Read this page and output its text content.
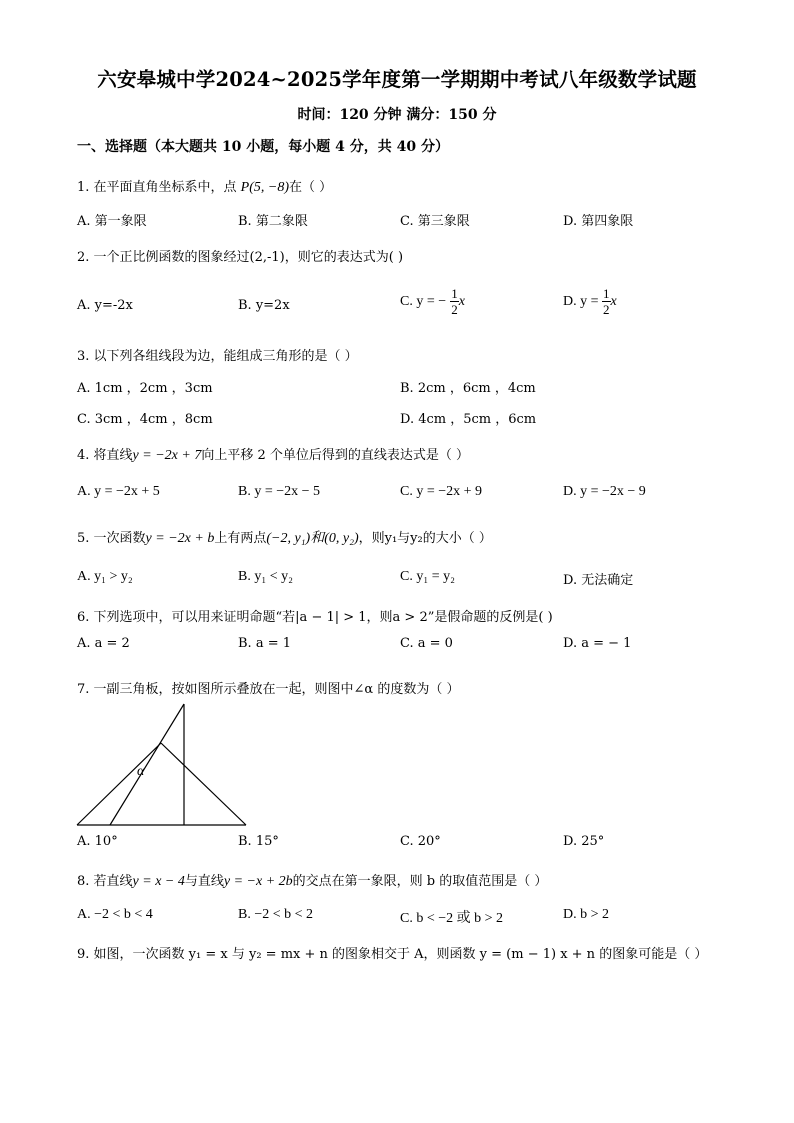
六安皋城中学2024~2025学年度第一学期期中考试八年级数学试题
时间：120 分钟 满分：150 分
一、选择题（本大题共 10 小题，每小题 4 分，共 40 分）
1. 在平面直角坐标系中，点 P(5, −8)在（ ）
A. 第一象限	B. 第二象限	C. 第三象限	D. 第四象限
2. 一个正比例函数的图象经过(2,-1)，则它的表达式为( )
A. y=-2x	B. y=2x	C. y = − $\frac{1}{2}$ x	D. $y = \frac{1}{2}$ x
3. 以下列各组线段为边，能组成三角形的是（ ）
A. 1cm ，2cm ，3cm	B. 2cm ，6cm ，4cm
C. 3cm ，4cm ，8cm	D. 4cm ，5cm ，6cm
4. 将直线y = −2x + 7向上平移 2 个单位后得到的直线表达式是（ ）
A. y = −2x + 5	B. y = −2x − 5	C. y = −2x + 9	D. y = −2x − 9
5. 一次函数y = −2x + b上有两点(−2, y₁)和(0, y₂)，则y₁与y₂的大小（ ）
A. y₁ > y₂	B. y₁ < y₂	C. y₁ = y₂	D. 无法确定
6. 下列选项中，可以用来证明命题“若|a − 1| > 1，则a > 2”是假命题的反例是( )
A. a = 2	B. a = 1	C. a = 0	D. a = − 1
7. 一副三角板，按如图所示叠放在一起，则图中∠α 的度数为（ ）
α
A. 10°	B. 15°	C. 20°	D. 25°
8. 若直线y = x − 4与直线y = −x + 2b的交点在第一象限，则 b 的取值范围是（ ）
A. −2 < b < 4	B. −2 < b < 2	C. b < −2 或 b > 2	D. b > 2
9. 如图，一次函数 y₁ = x 与 y₂ = mx + n 的图象相交于 A，则函数 y = (m − 1) x + n 的图象可能是（ ）
